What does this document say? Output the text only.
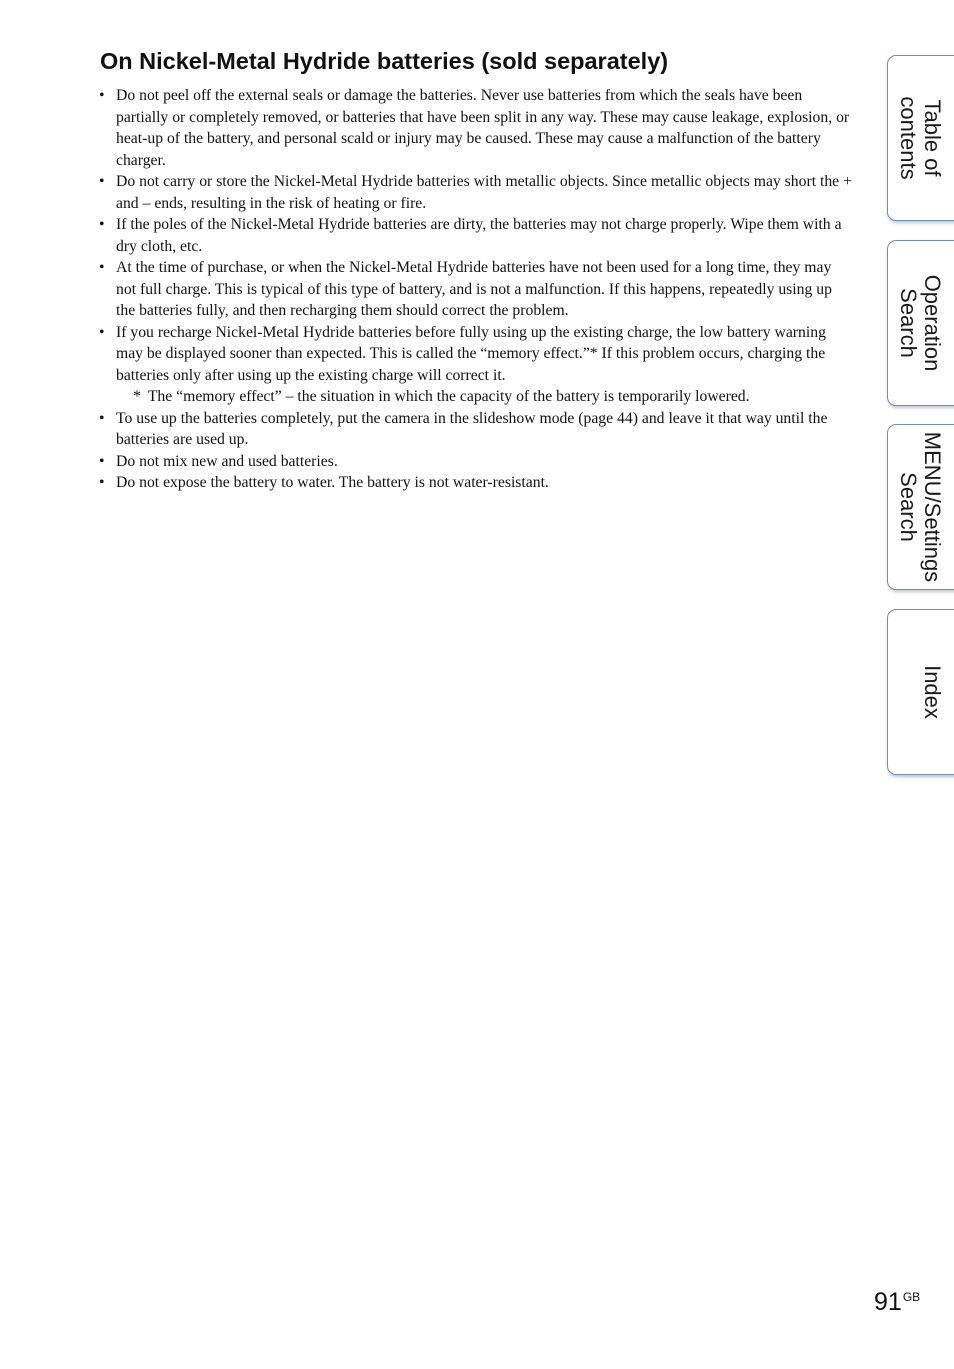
On Nickel-Metal Hydride batteries (sold separately)
• Do not peel off the external seals or damage the batteries. Never use batteries from which the seals have been partially or completely removed, or batteries that have been split in any way. These may cause leakage, explosion, or heat-up of the battery, and personal scald or injury may be caused. These may cause a malfunction of the battery charger.
• Do not carry or store the Nickel-Metal Hydride batteries with metallic objects. Since metallic objects may short the + and – ends, resulting in the risk of heating or fire.
• If the poles of the Nickel-Metal Hydride batteries are dirty, the batteries may not charge properly. Wipe them with a dry cloth, etc.
• At the time of purchase, or when the Nickel-Metal Hydride batteries have not been used for a long time, they may not full charge. This is typical of this type of battery, and is not a malfunction. If this happens, repeatedly using up the batteries fully, and then recharging them should correct the problem.
• If you recharge Nickel-Metal Hydride batteries before fully using up the existing charge, the low battery warning may be displayed sooner than expected. This is called the “memory effect.”* If this problem occurs, charging the batteries only after using up the existing charge will correct it.
* The “memory effect” – the situation in which the capacity of the battery is temporarily lowered.
• To use up the batteries completely, put the camera in the slideshow mode (page 44) and leave it that way until the batteries are used up.
• Do not mix new and used batteries.
• Do not expose the battery to water. The battery is not water-resistant.
Table of
contents
Operation
Search
MENU/Settings
Search
Index
$91^{GB}$
